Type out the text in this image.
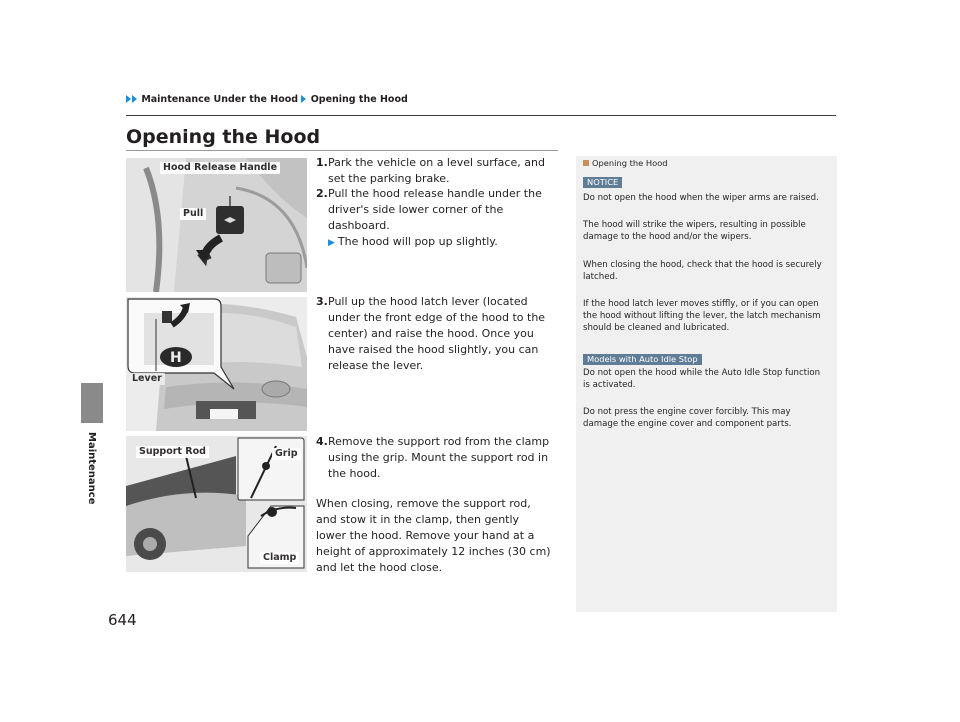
Maintenance Under the Hood Opening the Hood
Maintenance
644
Opening the Hood
Hood Release Handle
Pull
H
Lever
Support Rod	Grip
Clamp
1. Park the vehicle on a level surface, and set the parking brake.
2. Pull the hood release handle under the driver's side lower corner of the dashboard.
▶ The hood will pop up slightly.
3. Pull up the hood latch lever (located under the front edge of the hood to the center) and raise the hood. Once you have raised the hood slightly, you can release the lever.
4. Remove the support rod from the clamp using the grip. Mount the support rod in the hood.
When closing, remove the support rod, and stow it in the clamp, then gently lower the hood. Remove your hand at a height of approximately 12 inches (30 cm) and let the hood close.
Opening the Hood
NOTICE
Do not open the hood when the wiper arms are raised.
The hood will strike the wipers, resulting in possible damage to the hood and/or the wipers.
When closing the hood, check that the hood is securely latched.
If the hood latch lever moves stiffly, or if you can open the hood without lifting the lever, the latch mechanism should be cleaned and lubricated.
Models with Auto Idle Stop
Do not open the hood while the Auto Idle Stop function is activated.
Do not press the engine cover forcibly. This may damage the engine cover and component parts.
